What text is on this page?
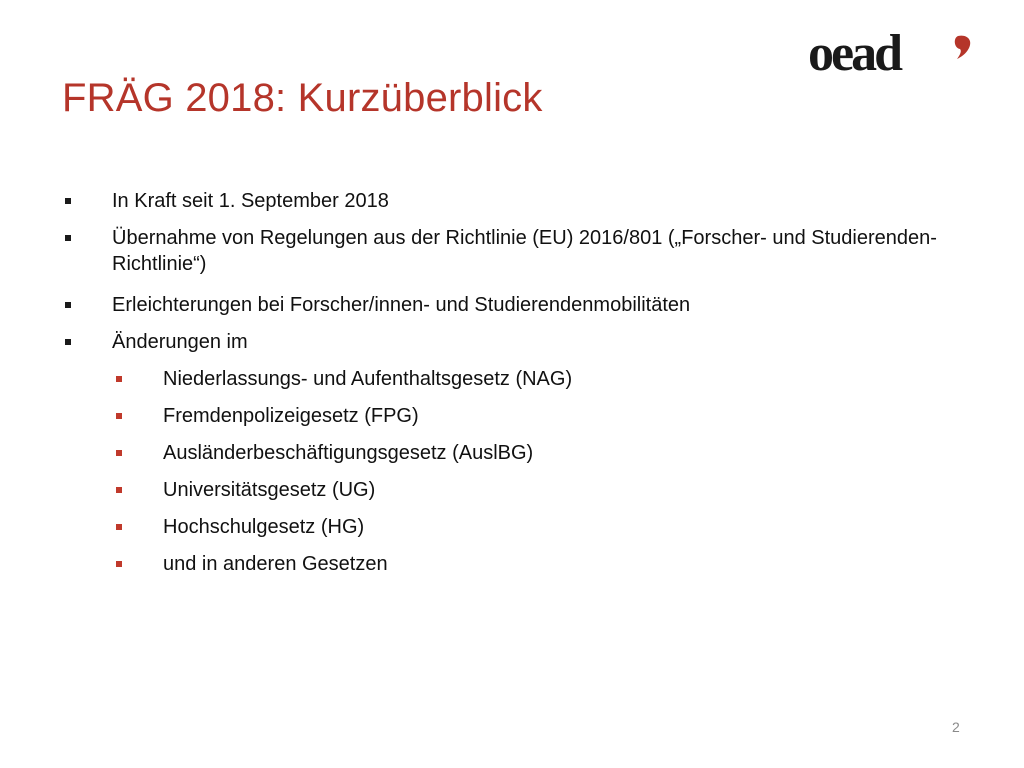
oead
FRÄG 2018: Kurzüberblick
In Kraft seit 1. September 2018
Übernahme von Regelungen aus der Richtlinie (EU) 2016/801 („Forscher- und Studierenden-Richtlinie“)
Erleichterungen bei Forscher/innen- und Studierendenmobilitäten
Änderungen im
Niederlassungs- und Aufenthaltsgesetz (NAG)
Fremdenpolizeigesetz (FPG)
Ausländerbeschäftigungsgesetz (AuslBG)
Universitätsgesetz (UG)
Hochschulgesetz (HG)
und in anderen Gesetzen
2
